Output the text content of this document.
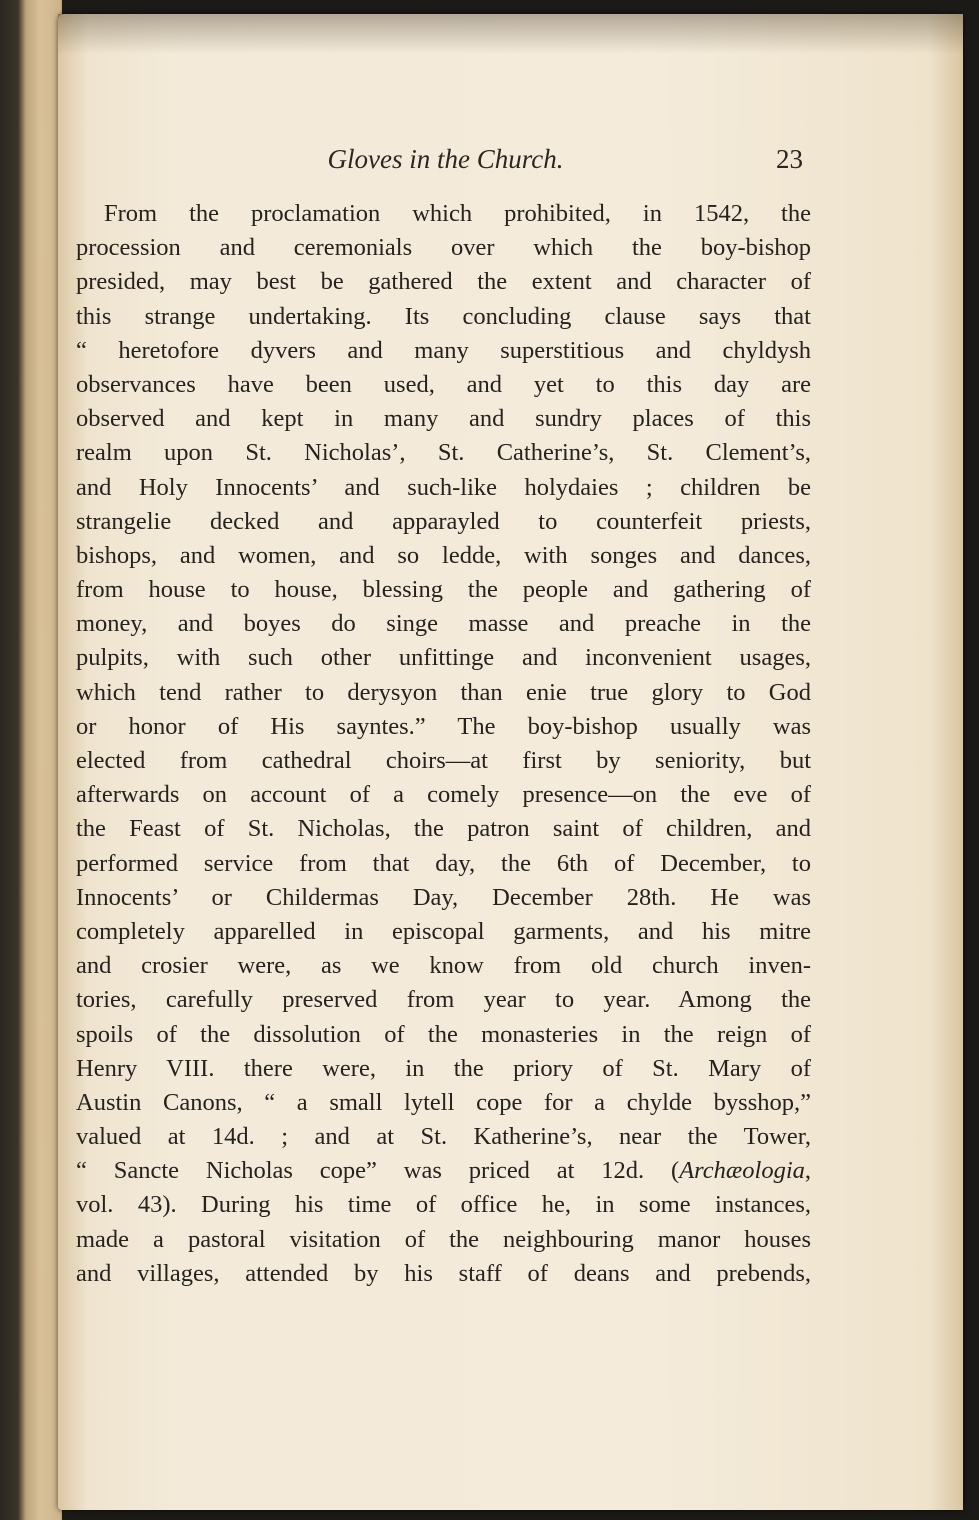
Gloves in the Church.	23
From the proclamation which prohibited, in 1542, the
procession and ceremonials over which the boy-bishop
presided, may best be gathered the extent and character of
this strange undertaking. Its concluding clause says that
“ heretofore dyvers and many superstitious and chyldysh
observances have been used, and yet to this day are
observed and kept in many and sundry places of this
realm upon St. Nicholas’, St. Catherine’s, St. Clement’s,
and Holy Innocents’ and such-like holydaies ; children be
strangelie decked and apparayled to counterfeit priests,
bishops, and women, and so ledde, with songes and dances,
from house to house, blessing the people and gathering of
money, and boyes do singe masse and preache in the
pulpits, with such other unfittinge and inconvenient usages,
which tend rather to derysyon than enie true glory to God
or honor of His sayntes.” The boy-bishop usually was
elected from cathedral choirs—at first by seniority, but
afterwards on account of a comely presence—on the eve of
the Feast of St. Nicholas, the patron saint of children, and
performed service from that day, the 6th of December, to
Innocents’ or Childermas Day, December 28th. He was
completely apparelled in episcopal garments, and his mitre
and crosier were, as we know from old church inven-
tories, carefully preserved from year to year. Among the
spoils of the dissolution of the monasteries in the reign of
Henry VIII. there were, in the priory of St. Mary of
Austin Canons, “ a small lytell cope for a chylde bysshop,”
valued at 14d. ; and at St. Katherine’s, near the Tower,
“ Sancte Nicholas cope” was priced at 12d. (Archæologia,
vol. 43). During his time of office he, in some instances,
made a pastoral visitation of the neighbouring manor houses
and villages, attended by his staff of deans and prebends,
